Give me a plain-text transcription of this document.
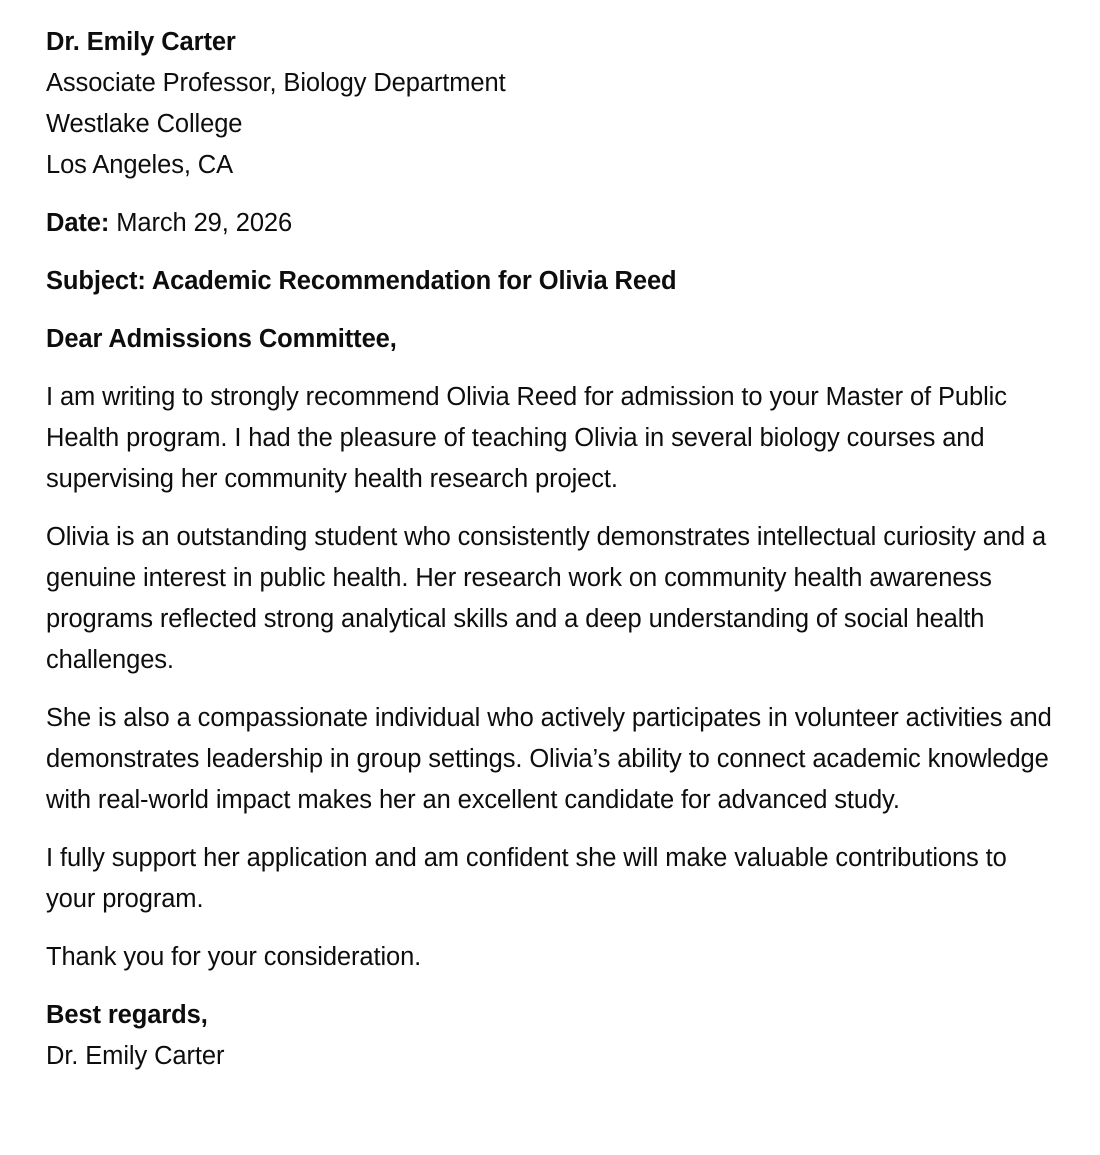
Dr. Emily Carter

Associate Professor, Biology Department

Westlake College

Los Angeles, CA

Date: March 29, 2026

Subject: Academic Recommendation for Olivia Reed

Dear Admissions Committee,

I am writing to strongly recommend Olivia Reed for admission to your Master of Public Health program. I had the pleasure of teaching Olivia in several biology courses and supervising her community health research project.

Olivia is an outstanding student who consistently demonstrates intellectual curiosity and a genuine interest in public health. Her research work on community health awareness programs reflected strong analytical skills and a deep understanding of social health challenges.

She is also a compassionate individual who actively participates in volunteer activities and demonstrates leadership in group settings. Olivia’s ability to connect academic knowledge with real-world impact makes her an excellent candidate for advanced study.

I fully support her application and am confident she will make valuable contributions to your program.

Thank you for your consideration.

Best regards,

Dr. Emily Carter
